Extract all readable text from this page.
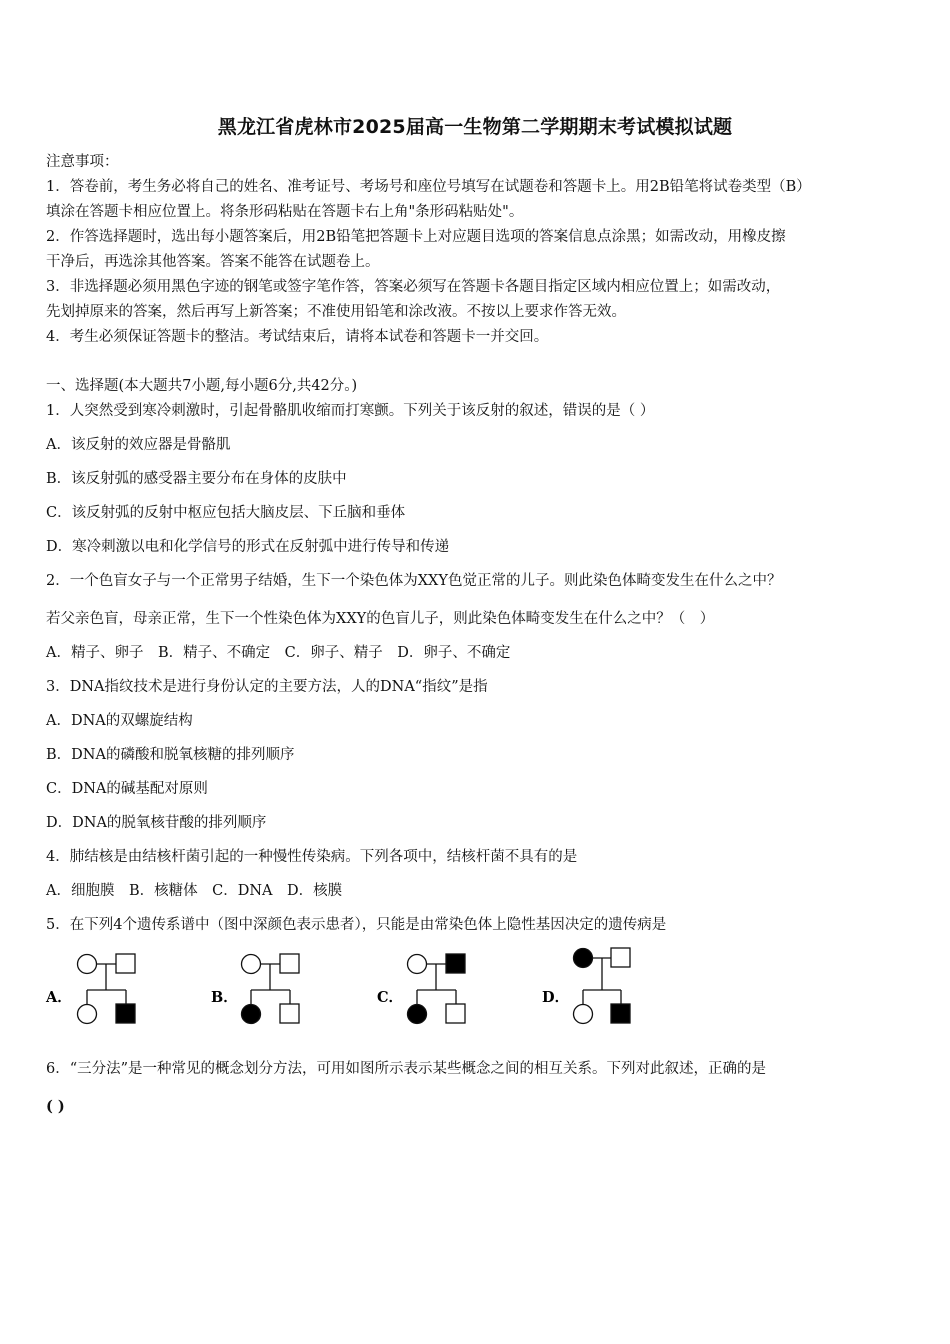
黑龙江省虎林市2025届高一生物第二学期期末考试模拟试题
注意事项：
1．答卷前，考生务必将自己的姓名、准考证号、考场号和座位号填写在试题卷和答题卡上。用2B铅笔将试卷类型（B）
填涂在答题卡相应位置上。将条形码粘贴在答题卡右上角"条形码粘贴处"。
2．作答选择题时，选出每小题答案后，用2B铅笔把答题卡上对应题目选项的答案信息点涂黑；如需改动，用橡皮擦
干净后，再选涂其他答案。答案不能答在试题卷上。
3．非选择题必须用黑色字迹的钢笔或签字笔作答，答案必须写在答题卡各题目指定区域内相应位置上；如需改动，
先划掉原来的答案，然后再写上新答案；不准使用铅笔和涂改液。不按以上要求作答无效。
4．考生必须保证答题卡的整洁。考试结束后，请将本试卷和答题卡一并交回。
一、选择题(本大题共7小题,每小题6分,共42分。)
1．人突然受到寒冷刺激时，引起骨骼肌收缩而打寒颤。下列关于该反射的叙述，错误的是（ ）
A．该反射的效应器是骨骼肌
B．该反射弧的感受器主要分布在身体的皮肤中
C．该反射弧的反射中枢应包括大脑皮层、下丘脑和垂体
D．寒冷刺激以电和化学信号的形式在反射弧中进行传导和传递
2．一个色盲女子与一个正常男子结婚，生下一个染色体为XXY色觉正常的儿子。则此染色体畸变发生在什么之中？
若父亲色盲，母亲正常，生下一个性染色体为XXY的色盲儿子，则此染色体畸变发生在什么之中？（　）
A．精子、卵子　B．精子、不确定　C．卵子、精子　D．卵子、不确定
3．DNA指纹技术是进行身份认定的主要方法，人的DNA“指纹”是指
A．DNA的双螺旋结构
B．DNA的磷酸和脱氧核糖的排列顺序
C．DNA的碱基配对原则
D．DNA的脱氧核苷酸的排列顺序
4．肺结核是由结核杆菌引起的一种慢性传染病。下列各项中，结核杆菌不具有的是
A．细胞膜　B．核糖体　C．DNA　D．核膜
5．在下列4个遗传系谱中（图中深颜色表示患者），只能是由常染色体上隐性基因决定的遗传病是
A．	B．	C．	D．
6．“三分法”是一种常见的概念划分方法，可用如图所示表示某些概念之间的相互关系。下列对此叙述，正确的是
( )
